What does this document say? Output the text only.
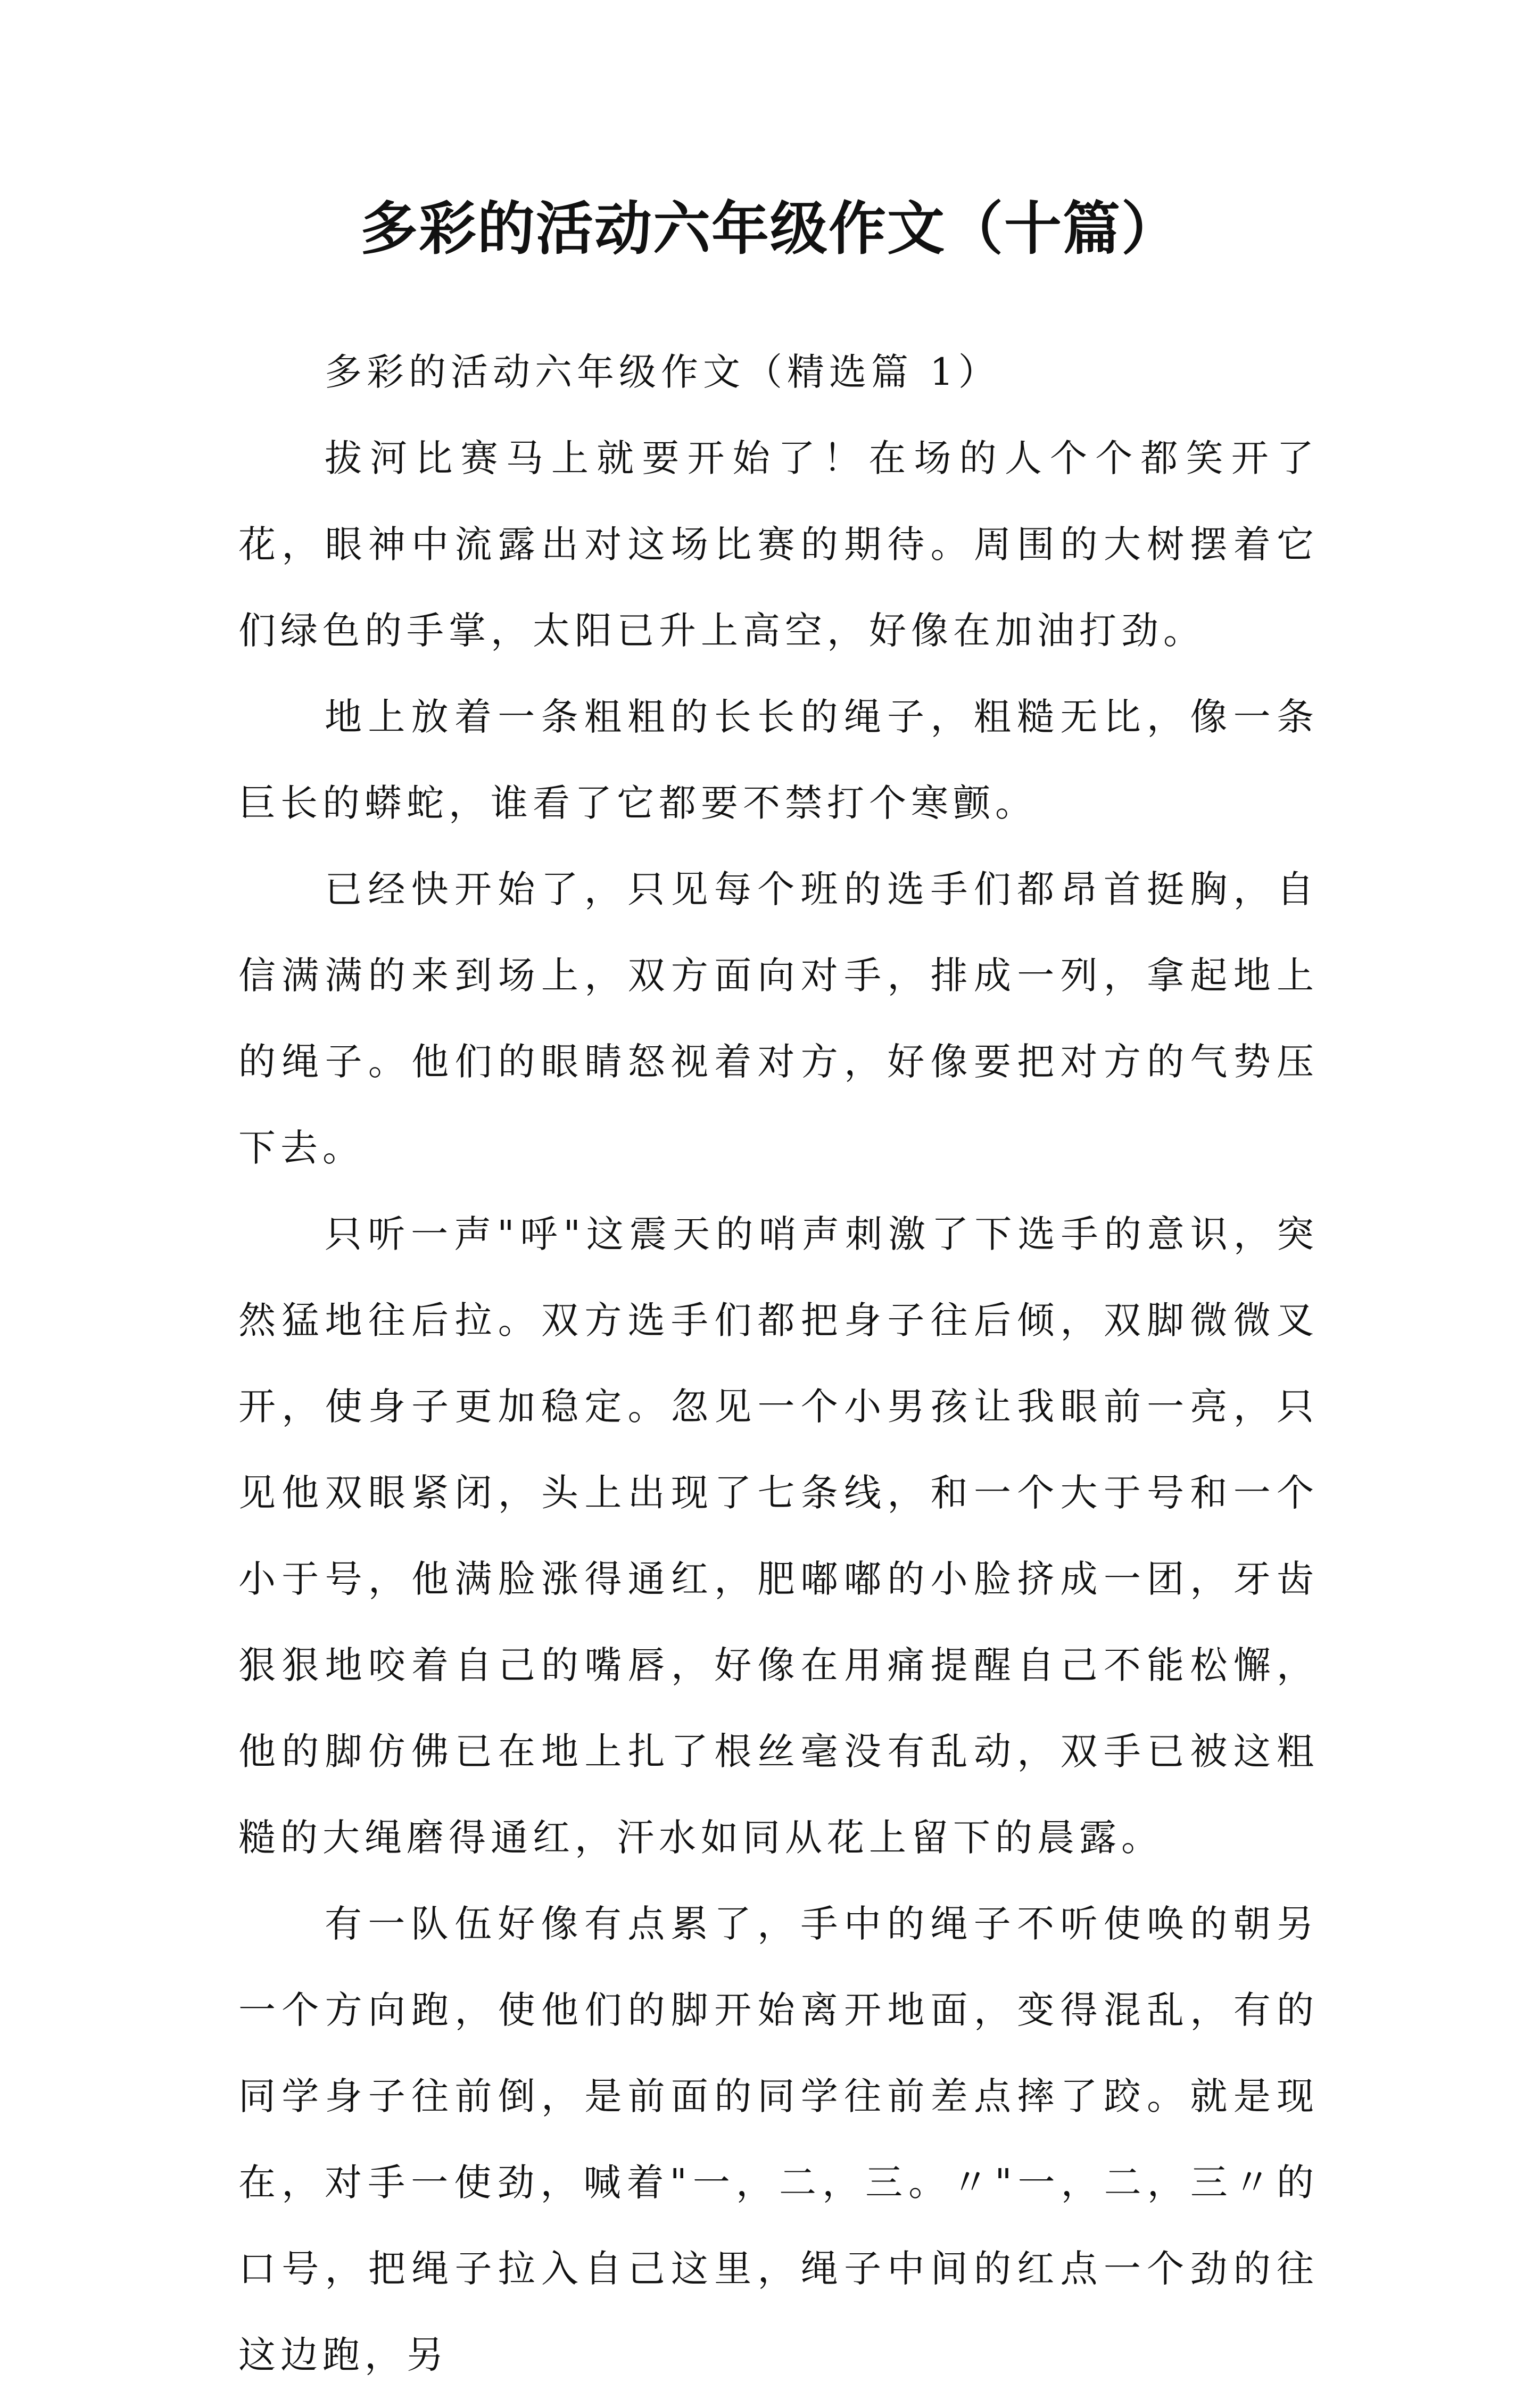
多彩的活动六年级作文（十篇）

多彩的活动六年级作文（精选篇 1）

拔河比赛马上就要开始了！在场的人个个都笑开了花，眼神中流露出对这场比赛的期待。周围的大树摆着它们绿色的手掌，太阳已升上高空，好像在加油打劲。

地上放着一条粗粗的长长的绳子，粗糙无比，像一条巨长的蟒蛇，谁看了它都要不禁打个寒颤。

已经快开始了，只见每个班的选手们都昂首挺胸，自信满满的来到场上，双方面向对手，排成一列，拿起地上的绳子。他们的眼睛怒视着对方，好像要把对方的气势压下去。

只听一声"呼"这震天的哨声刺激了下选手的意识，突然猛地往后拉。双方选手们都把身子往后倾，双脚微微叉开，使身子更加稳定。忽见一个小男孩让我眼前一亮，只见他双眼紧闭，头上出现了七条线，和一个大于号和一个小于号，他满脸涨得通红，肥嘟嘟的小脸挤成一团，牙齿狠狠地咬着自己的嘴唇，好像在用痛提醒自己不能松懈，他的脚仿佛已在地上扎了根丝毫没有乱动，双手已被这粗糙的大绳磨得通红，汗水如同从花上留下的晨露。

有一队伍好像有点累了，手中的绳子不听使唤的朝另一个方向跑，使他们的脚开始离开地面，变得混乱，有的同学身子往前倒，是前面的同学往前差点摔了跤。就是现在，对手一使劲，喊着"一，二，三。〃"一，二，三〃的口号，把绳子拉入自己这里，绳子中间的红点一个劲的往这边跑，另
